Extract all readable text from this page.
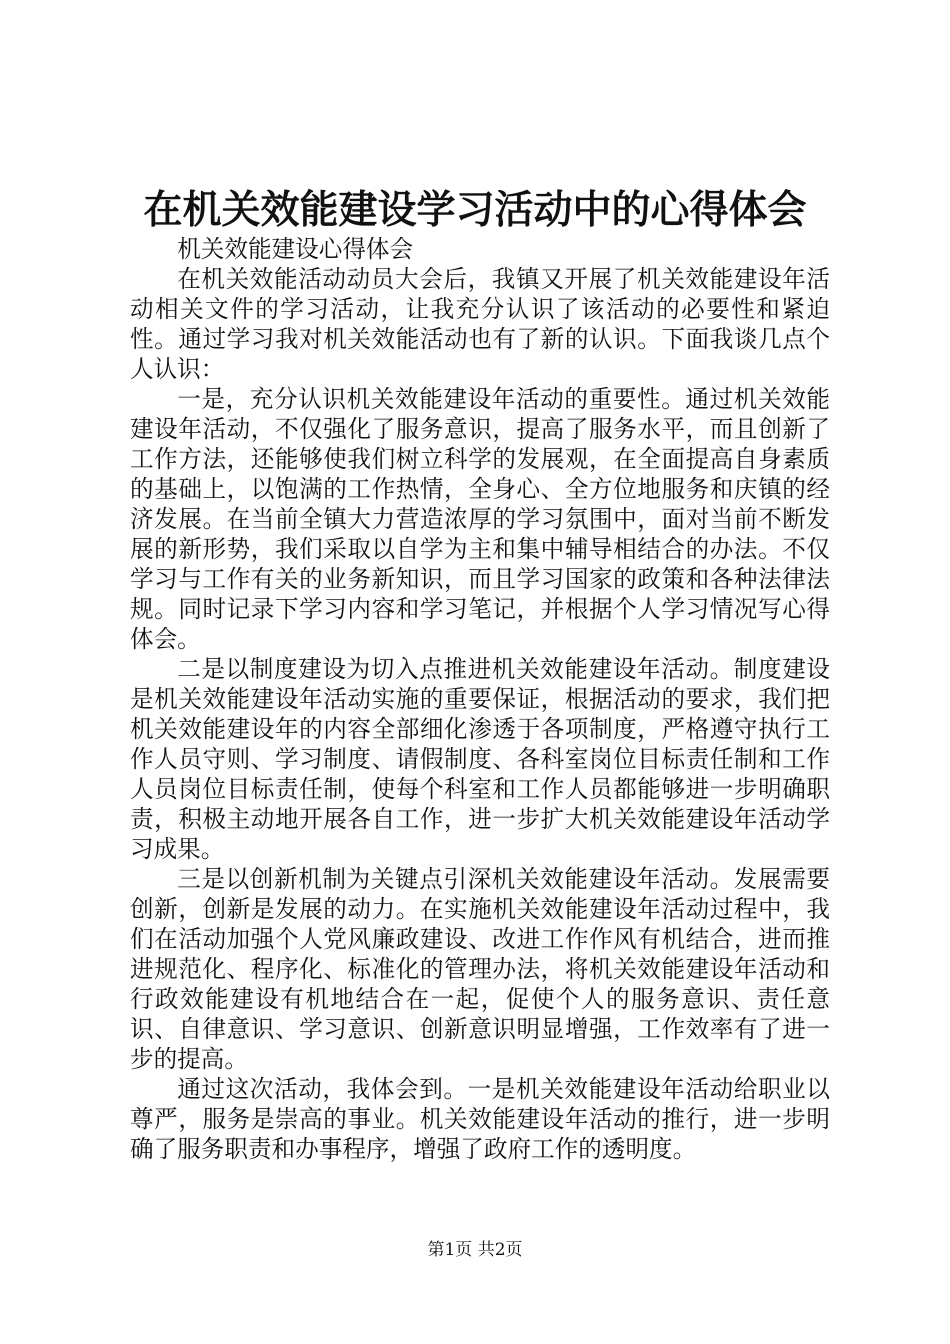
在机关效能建设学习活动中的心得体会

机关效能建设心得体会

在机关效能活动动员大会后，我镇又开展了机关效能建设年活动相关文件的学习活动，让我充分认识了该活动的必要性和紧迫性。通过学习我对机关效能活动也有了新的认识。下面我谈几点个人认识：

一是，充分认识机关效能建设年活动的重要性。通过机关效能建设年活动，不仅强化了服务意识，提高了服务水平，而且创新了工作方法，还能够使我们树立科学的发展观，在全面提高自身素质的基础上，以饱满的工作热情，全身心、全方位地服务和庆镇的经济发展。在当前全镇大力营造浓厚的学习氛围中，面对当前不断发展的新形势，我们采取以自学为主和集中辅导相结合的办法。不仅学习与工作有关的业务新知识，而且学习国家的政策和各种法律法规。同时记录下学习内容和学习笔记，并根据个人学习情况写心得体会。

二是以制度建设为切入点推进机关效能建设年活动。制度建设是机关效能建设年活动实施的重要保证，根据活动的要求，我们把机关效能建设年的内容全部细化渗透于各项制度，严格遵守执行工作人员守则、学习制度、请假制度、各科室岗位目标责任制和工作人员岗位目标责任制，使每个科室和工作人员都能够进一步明确职责，积极主动地开展各自工作，进一步扩大机关效能建设年活动学习成果。

三是以创新机制为关键点引深机关效能建设年活动。发展需要创新，创新是发展的动力。在实施机关效能建设年活动过程中，我们在活动加强个人党风廉政建设、改进工作作风有机结合，进而推进规范化、程序化、标准化的管理办法，将机关效能建设年活动和行政效能建设有机地结合在一起，促使个人的服务意识、责任意识、自律意识、学习意识、创新意识明显增强，工作效率有了进一步的提高。

通过这次活动，我体会到。一是机关效能建设年活动给职业以尊严，服务是崇高的事业。机关效能建设年活动的推行，进一步明确了服务职责和办事程序，增强了政府工作的透明度。

第1页 共2页
